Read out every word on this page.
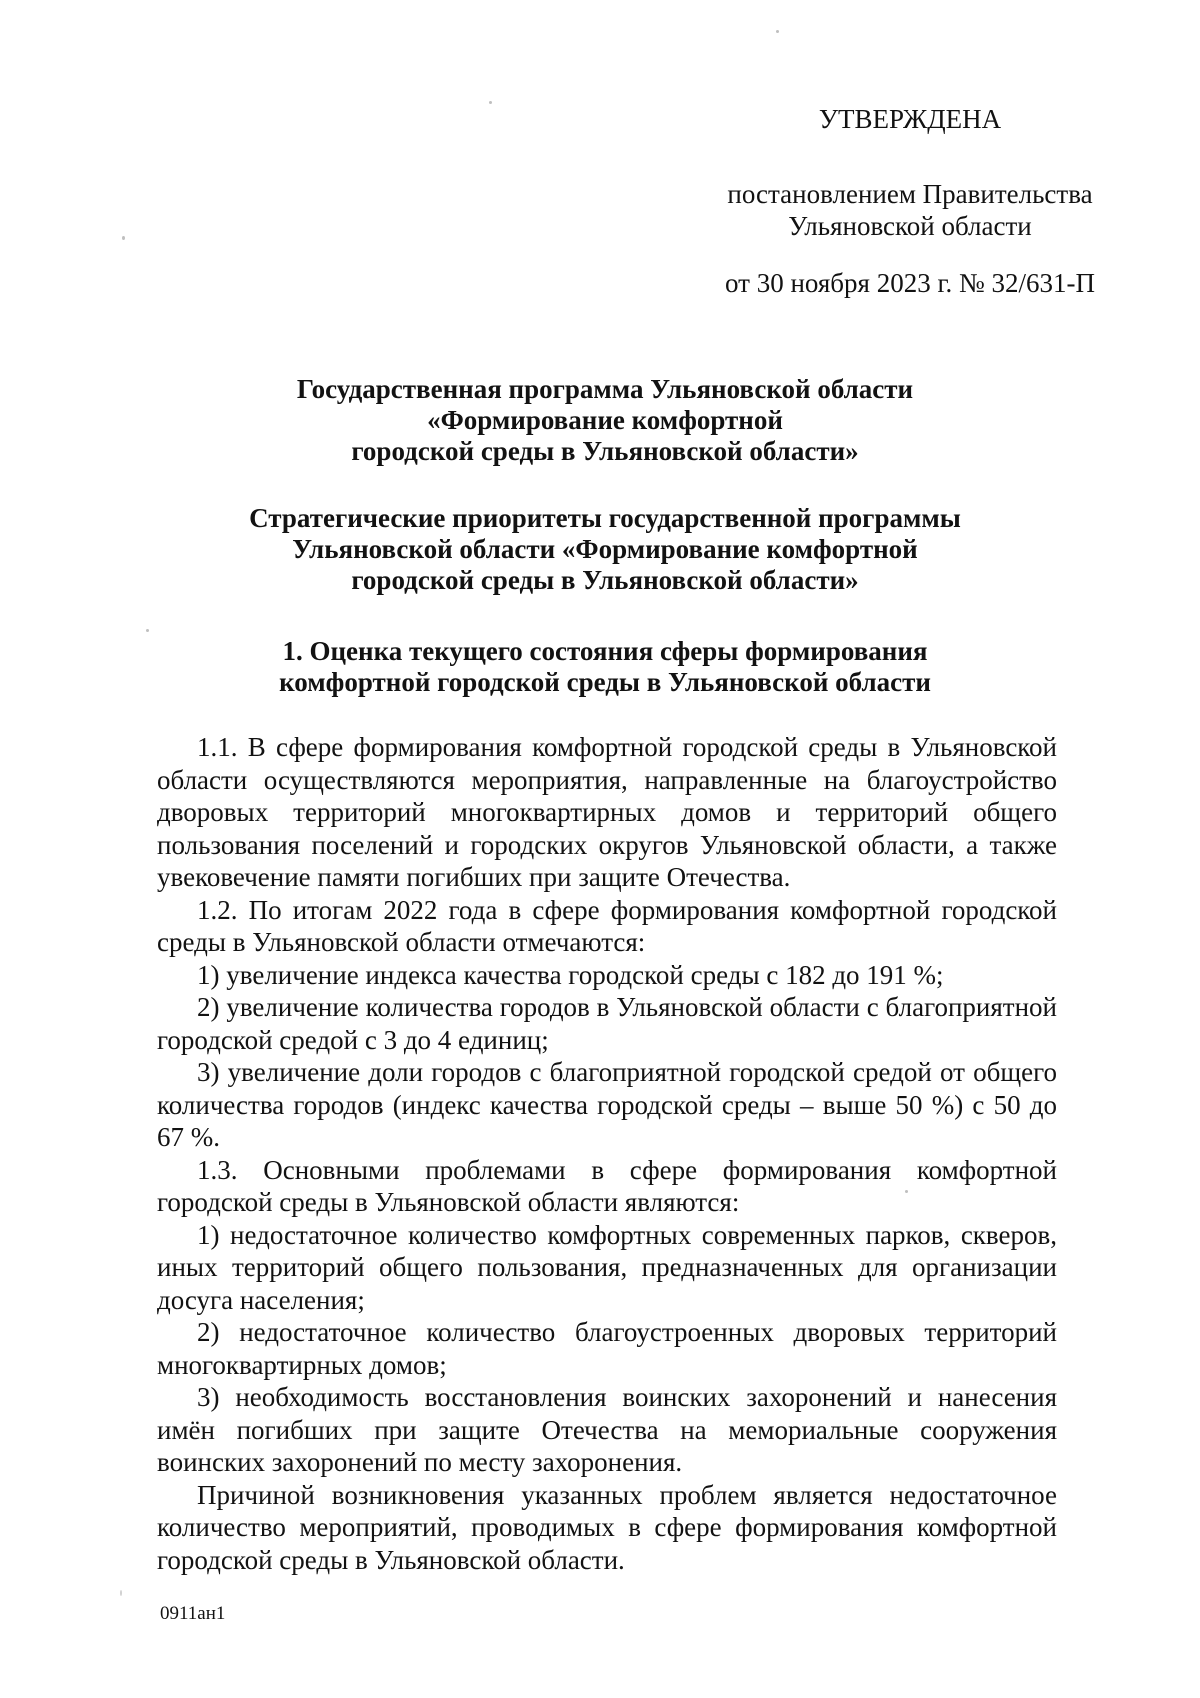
УТВЕРЖДЕНА
постановлением Правительства
Ульяновской области
от 30 ноября 2023 г. № 32/631-П
Государственная программа Ульяновской области
«Формирование комфортной
городской среды в Ульяновской области»
Стратегические приоритеты государственной программы
Ульяновской области «Формирование комфортной
городской среды в Ульяновской области»
1. Оценка текущего состояния сферы формирования
комфортной городской среды в Ульяновской области

1.1. В сфере формирования комфортной городской среды в Ульяновской области осуществляются мероприятия, направленные на благоустройство дворовых территорий многоквартирных домов и территорий общего пользования поселений и городских округов Ульяновской области, а также увековечение памяти погибших при защите Отечества.

1.2. По итогам 2022 года в сфере формирования комфортной городской среды в Ульяновской области отмечаются:

1) увеличение индекса качества городской среды с 182 до 191 %;

2) увеличение количества городов в Ульяновской области с благоприятной городской средой с 3 до 4 единиц;

3) увеличение доли городов с благоприятной городской средой от общего количества городов (индекс качества городской среды – выше 50 %) с 50 до 67 %.

1.3. Основными проблемами в сфере формирования комфортной городской среды в Ульяновской области являются:

1) недостаточное количество комфортных современных парков, скверов, иных территорий общего пользования, предназначенных для организации досуга населения;

2) недостаточное количество благоустроенных дворовых территорий многоквартирных домов;

3) необходимость восстановления воинских захоронений и нанесения имён погибших при защите Отечества на мемориальные сооружения воинских захоронений по месту захоронения.

Причиной возникновения указанных проблем является недостаточное количество мероприятий, проводимых в сфере формирования комфортной городской среды в Ульяновской области.

0911ан1
